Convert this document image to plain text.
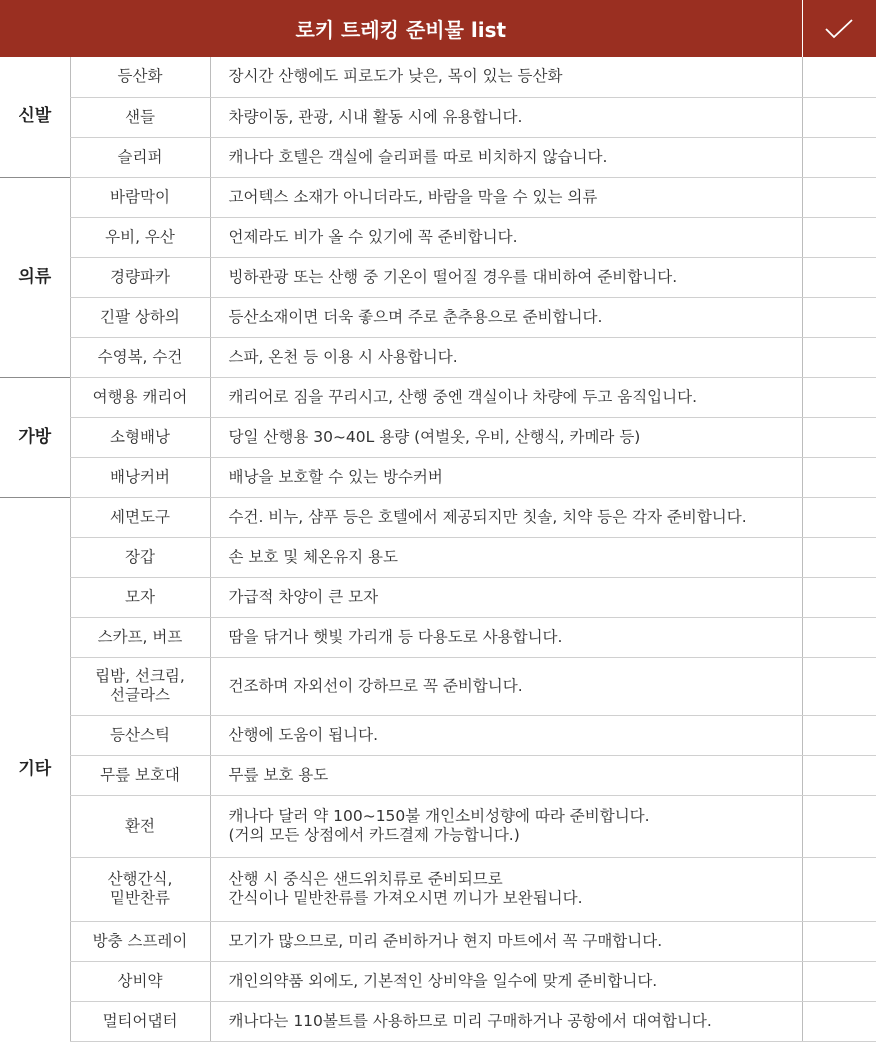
로키 트레킹 준비물 list	

신발	등산화	장시간 산행에도 피로도가 낮은, 목이 있는 등산화	

	샌들	차량이동, 관광, 시내 활동 시에 유용합니다.	

	슬리퍼	캐나다 호텔은 객실에 슬리퍼를 따로 비치하지 않습니다.	

의류	바람막이	고어텍스 소재가 아니더라도, 바람을 막을 수 있는 의류	

	우비, 우산	언제라도 비가 올 수 있기에 꼭 준비합니다.	

	경량파카	빙하관광 또는 산행 중 기온이 떨어질 경우를 대비하여 준비합니다.	

	긴팔 상하의	등산소재이면 더욱 좋으며 주로 춘추용으로 준비합니다.	

	수영복, 수건	스파, 온천 등 이용 시 사용합니다.	

가방	여행용 캐리어	캐리어로 짐을 꾸리시고, 산행 중엔 객실이나 차량에 두고 움직입니다.	

	소형배낭	당일 산행용 30~40L 용량 (여벌옷, 우비, 산행식, 카메라 등)	

	배낭커버	배낭을 보호할 수 있는 방수커버	

기타	세면도구	수건. 비누, 샴푸 등은 호텔에서 제공되지만 칫솔, 치약 등은 각자 준비합니다.	

	장갑	손 보호 및 체온유지 용도	

	모자	가급적 차양이 큰 모자	

	스카프, 버프	땀을 닦거나 햇빛 가리개 등 다용도로 사용합니다.	

	립밤, 선크림,
선글라스	건조하며 자외선이 강하므로 꼭 준비합니다.	

	등산스틱	산행에 도움이 됩니다.	

	무릎 보호대	무릎 보호 용도	

	환전	캐나다 달러 약 100~150불 개인소비성향에 따라 준비합니다.
(거의 모든 상점에서 카드결제 가능합니다.)	

	산행간식,
밑반찬류	산행 시 중식은 샌드위치류로 준비되므로
간식이나 밑반찬류를 가져오시면 끼니가 보완됩니다.	

	방충 스프레이	모기가 많으므로, 미리 준비하거나 현지 마트에서 꼭 구매합니다.	

	상비약	개인의약품 외에도, 기본적인 상비약을 일수에 맞게 준비합니다.	

	멀티어댑터	캐나다는 110볼트를 사용하므로 미리 구매하거나 공항에서 대여합니다.	
